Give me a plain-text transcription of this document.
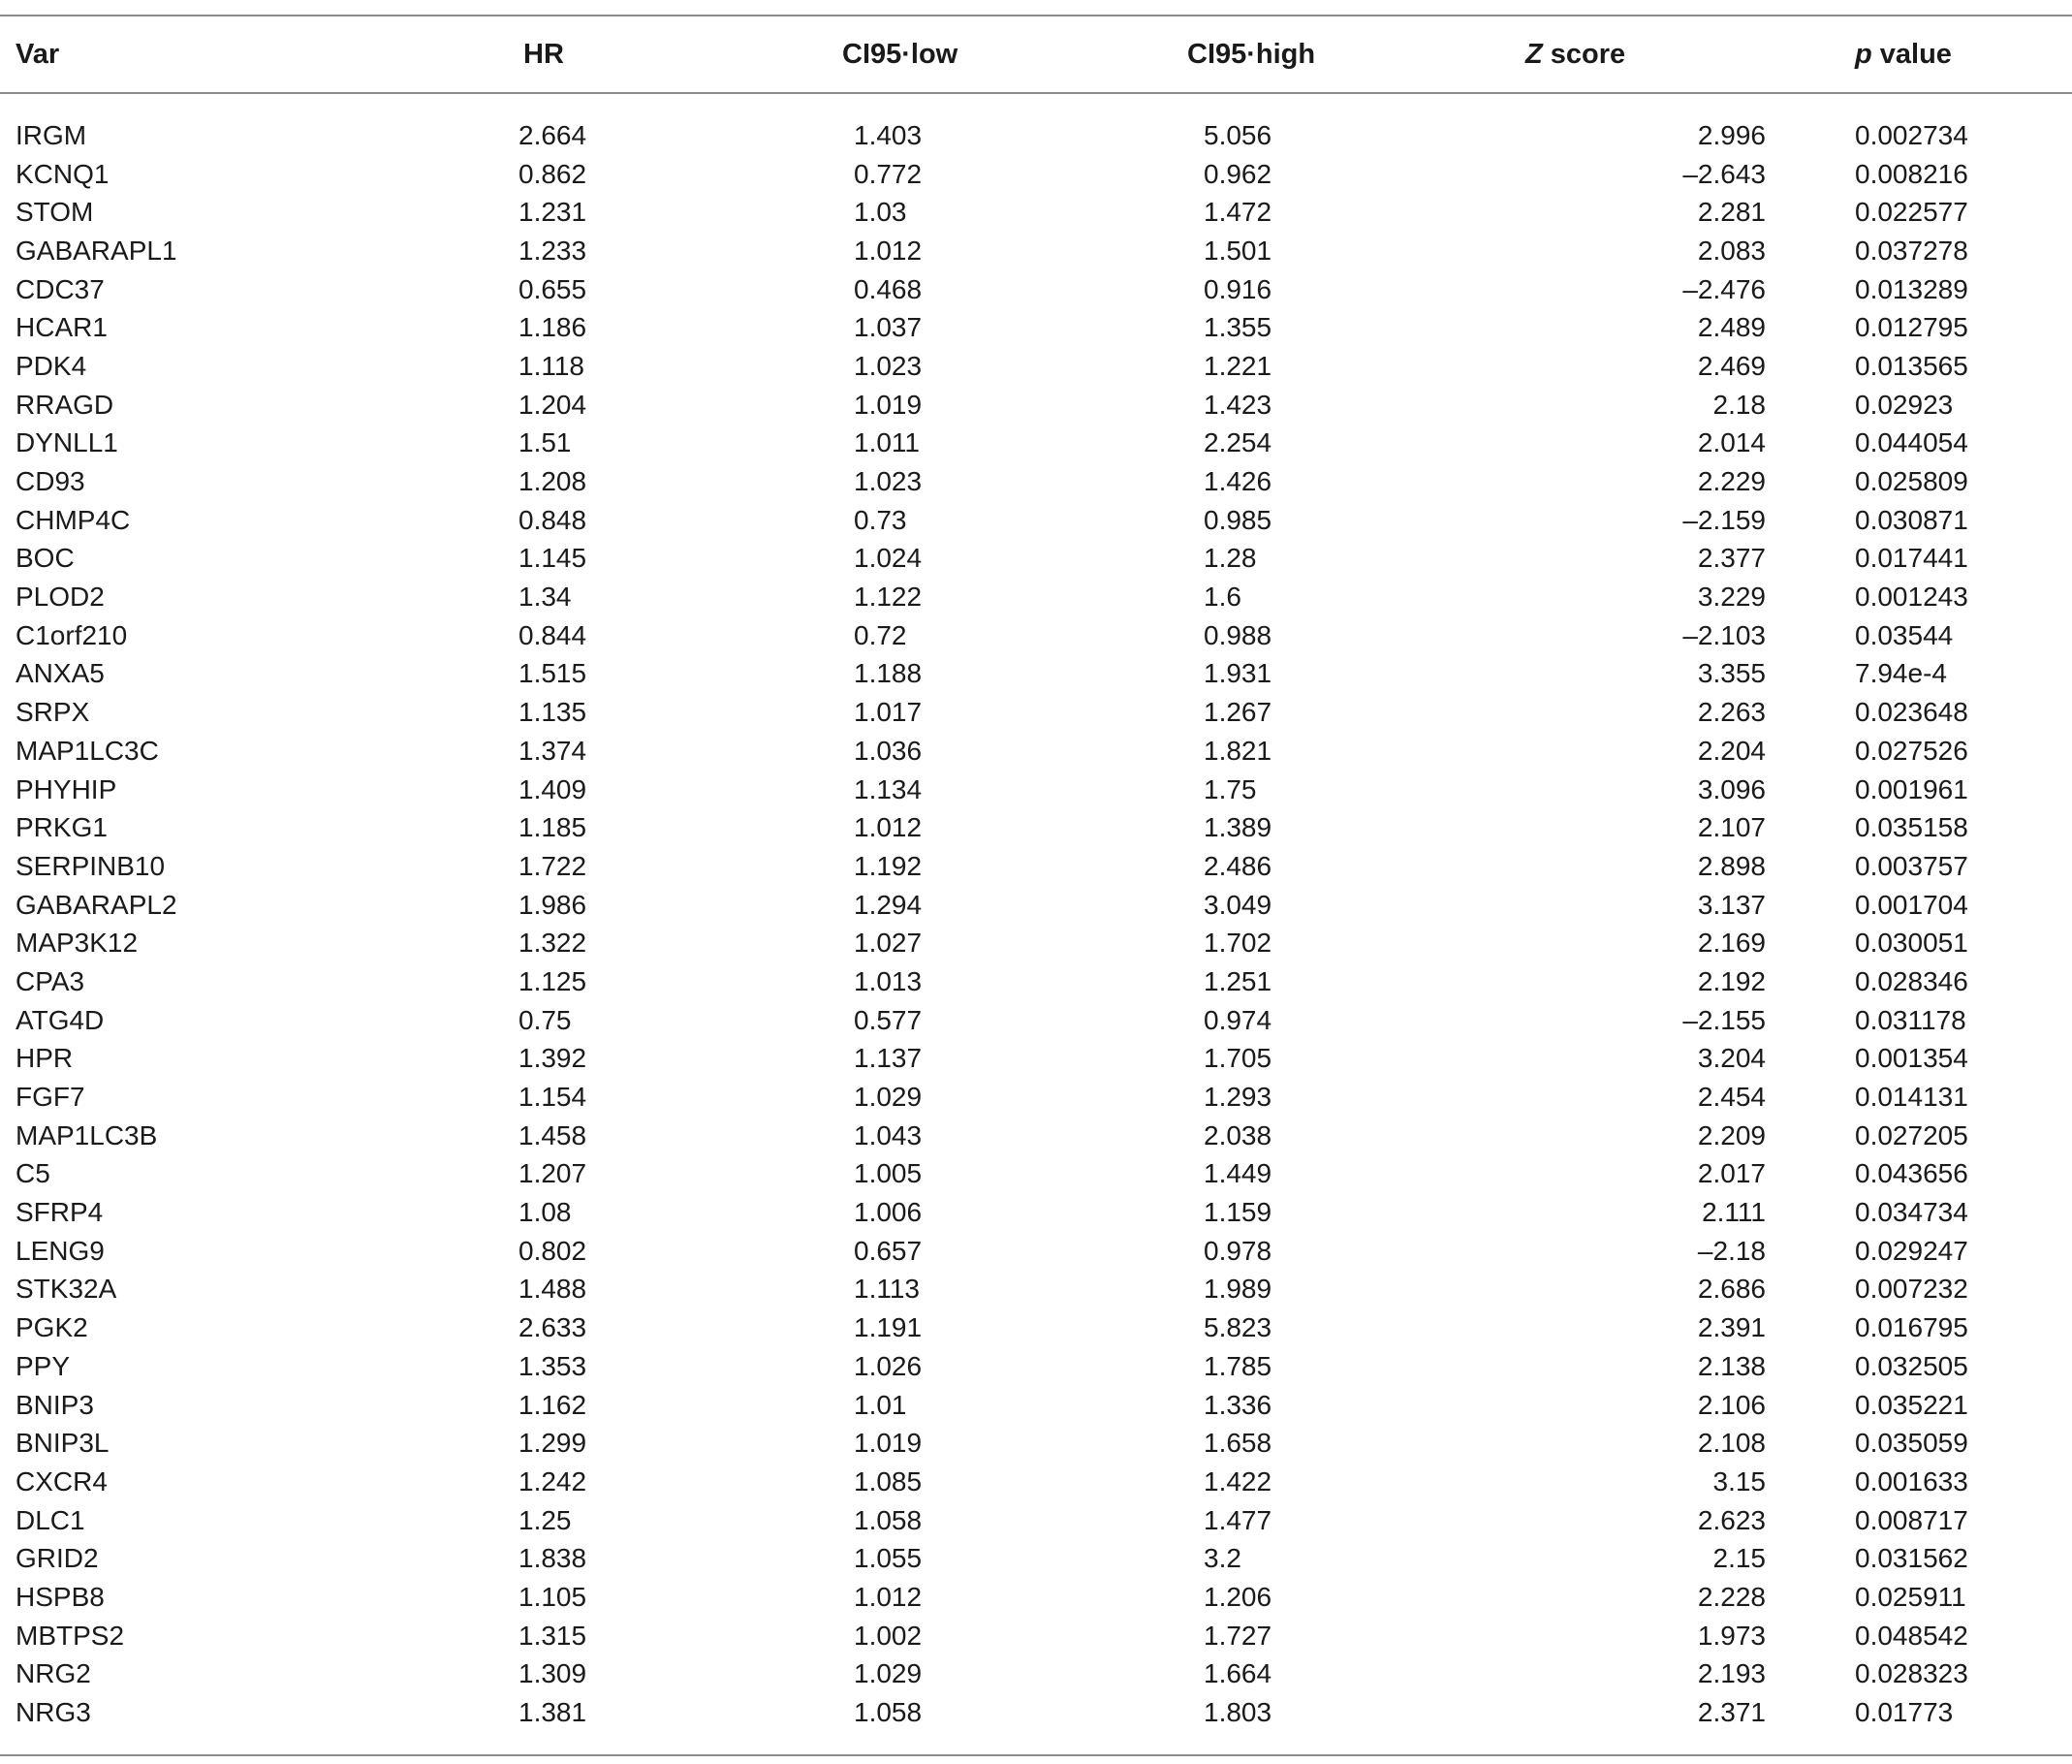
Var	HR	CI95·low	CI95·high	Z score	p value
IRGM	2.664	1.403	5.056	2.996	0.002734
KCNQ1	0.862	0.772	0.962	–2.643	0.008216
STOM	1.231	1.03	1.472	2.281	0.022577
GABARAPL1	1.233	1.012	1.501	2.083	0.037278
CDC37	0.655	0.468	0.916	–2.476	0.013289
HCAR1	1.186	1.037	1.355	2.489	0.012795
PDK4	1.118	1.023	1.221	2.469	0.013565
RRAGD	1.204	1.019	1.423	2.18	0.02923
DYNLL1	1.51	1.011	2.254	2.014	0.044054
CD93	1.208	1.023	1.426	2.229	0.025809
CHMP4C	0.848	0.73	0.985	–2.159	0.030871
BOC	1.145	1.024	1.28	2.377	0.017441
PLOD2	1.34	1.122	1.6	3.229	0.001243
C1orf210	0.844	0.72	0.988	–2.103	0.03544
ANXA5	1.515	1.188	1.931	3.355	7.94e-4
SRPX	1.135	1.017	1.267	2.263	0.023648
MAP1LC3C	1.374	1.036	1.821	2.204	0.027526
PHYHIP	1.409	1.134	1.75	3.096	0.001961
PRKG1	1.185	1.012	1.389	2.107	0.035158
SERPINB10	1.722	1.192	2.486	2.898	0.003757
GABARAPL2	1.986	1.294	3.049	3.137	0.001704
MAP3K12	1.322	1.027	1.702	2.169	0.030051
CPA3	1.125	1.013	1.251	2.192	0.028346
ATG4D	0.75	0.577	0.974	–2.155	0.031178
HPR	1.392	1.137	1.705	3.204	0.001354
FGF7	1.154	1.029	1.293	2.454	0.014131
MAP1LC3B	1.458	1.043	2.038	2.209	0.027205
C5	1.207	1.005	1.449	2.017	0.043656
SFRP4	1.08	1.006	1.159	2.111	0.034734
LENG9	0.802	0.657	0.978	–2.18	0.029247
STK32A	1.488	1.113	1.989	2.686	0.007232
PGK2	2.633	1.191	5.823	2.391	0.016795
PPY	1.353	1.026	1.785	2.138	0.032505
BNIP3	1.162	1.01	1.336	2.106	0.035221
BNIP3L	1.299	1.019	1.658	2.108	0.035059
CXCR4	1.242	1.085	1.422	3.15	0.001633
DLC1	1.25	1.058	1.477	2.623	0.008717
GRID2	1.838	1.055	3.2	2.15	0.031562
HSPB8	1.105	1.012	1.206	2.228	0.025911
MBTPS2	1.315	1.002	1.727	1.973	0.048542
NRG2	1.309	1.029	1.664	2.193	0.028323
NRG3	1.381	1.058	1.803	2.371	0.01773
